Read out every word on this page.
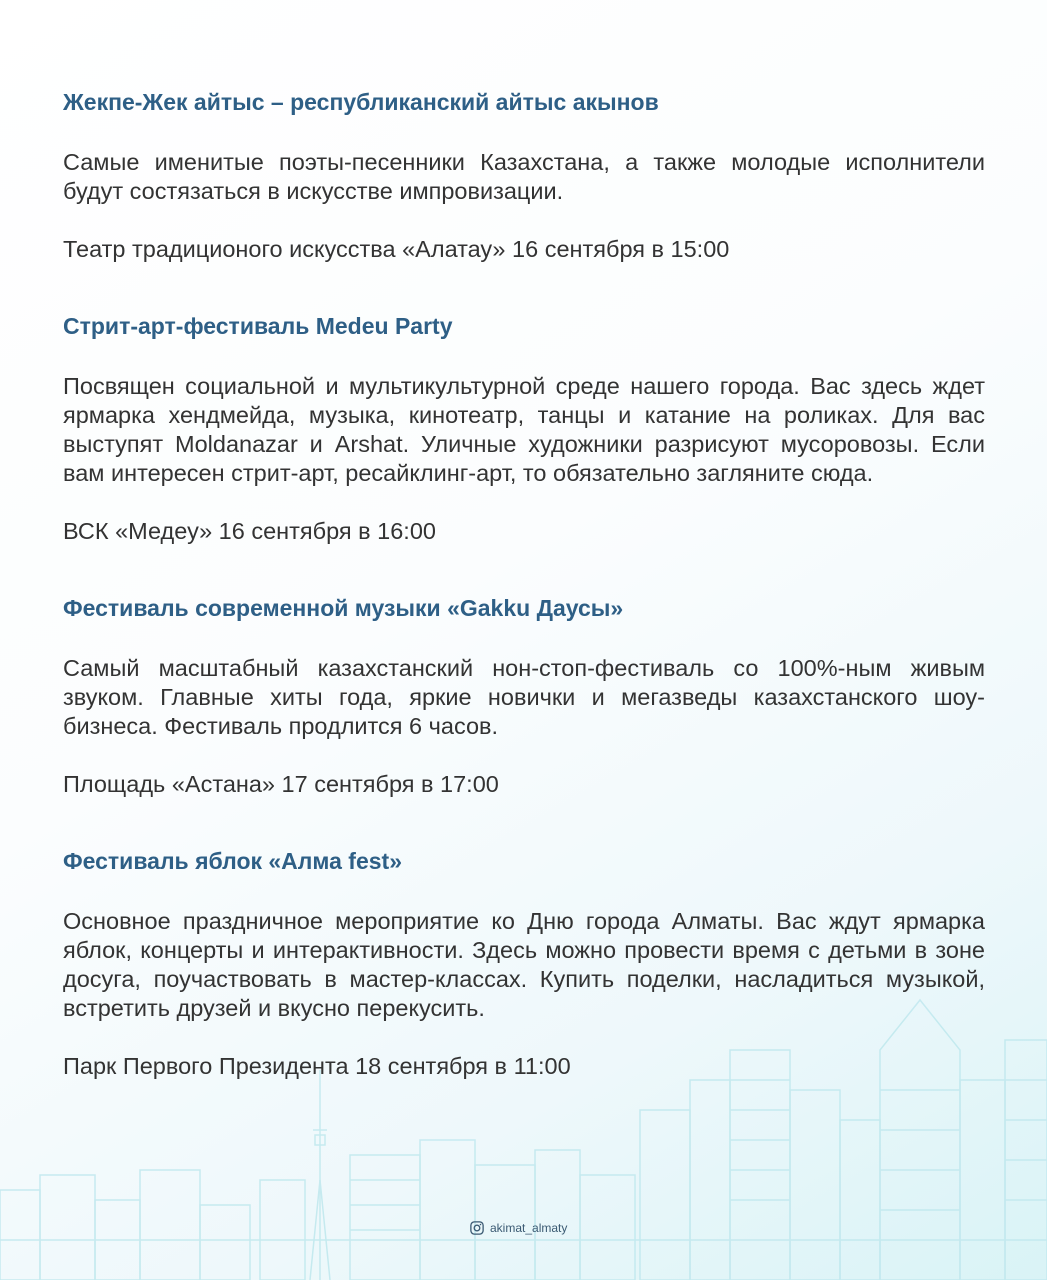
Жекпе-Жек айтыс – республиканский айтыс акынов

Самые именитые поэты-песенники Казахстана, а также молодые исполнители будут состязаться в искусстве импровизации.

Театр традиционого искусства «Алатау» 16 сентября в 15:00

Стрит-арт-фестиваль Medeu Party

Посвящен социальной и мультикультурной среде нашего города. Вас здесь ждет ярмарка хендмейда, музыка, кинотеатр, танцы и катание на роликах. Для вас выступят Moldanazar и Arshat. Уличные художники разрисуют мусоровозы. Если вам интересен стрит-арт, ресайклинг-арт, то обязательно загляните сюда.

ВСК «Медеу» 16 сентября в 16:00

Фестиваль современной музыки «Gakku Даусы»

Самый масштабный казахстанский нон-стоп-фестиваль со 100%-ным живым звуком. Главные хиты года, яркие новички и мегазведы казахстанского шоу-бизнеса. Фестиваль продлится 6 часов.

Площадь «Астана» 17 сентября в 17:00

Фестиваль яблок «Алма fest»

Основное праздничное мероприятие ко Дню города Алматы. Вас ждут ярмарка яблок, концерты и интерактивности. Здесь можно провести время с детьми в зоне досуга, поучаствовать в мастер-классах. Купить поделки, насладиться музыкой, встретить друзей и вкусно перекусить.

Парк Первого Президента 18 сентября в 11:00

akimat_almaty
